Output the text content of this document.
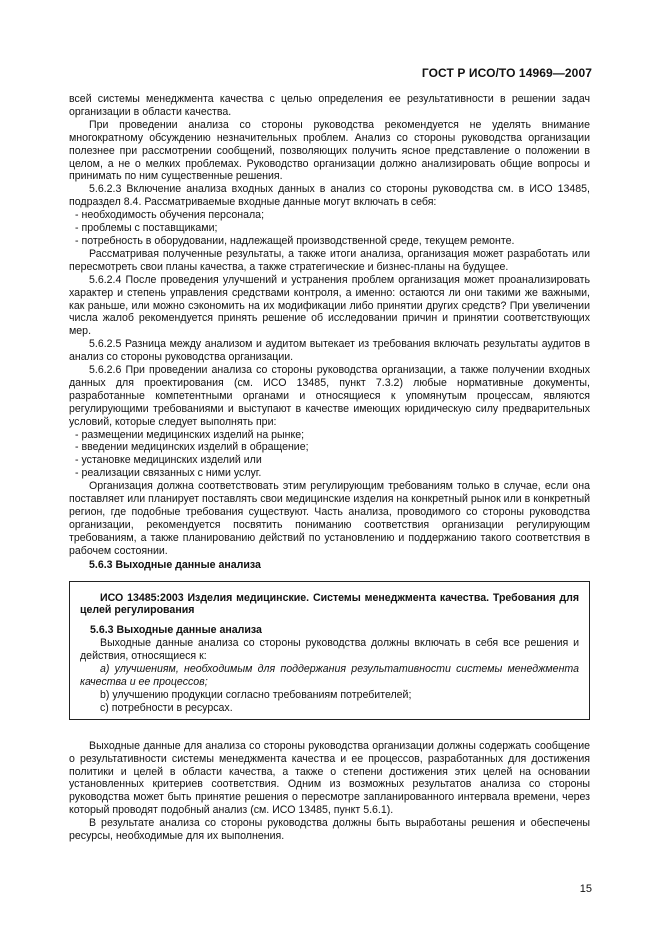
ГОСТ Р ИСО/ТО 14969—2007

всей системы менеджмента качества с целью определения ее результативности в решении задач организации в области качества.

При проведении анализа со стороны руководства рекомендуется не уделять внимание многократному обсуждению незначительных проблем. Анализ со стороны руководства организации полезнее при рассмотрении сообщений, позволяющих получить ясное представление о положении в целом, а не о мелких проблемах. Руководство организации должно анализировать общие вопросы и принимать по ним существенные решения.

5.6.2.3 Включение анализа входных данных в анализ со стороны руководства см. в ИСО 13485, подраздел 8.4. Рассматриваемые входные данные могут включать в себя:

- необходимость обучения персонала;

- проблемы с поставщиками;

- потребность в оборудовании, надлежащей производственной среде, текущем ремонте.

Рассматривая полученные результаты, а также итоги анализа, организация может разработать или пересмотреть свои планы качества, а также стратегические и бизнес-планы на будущее.

5.6.2.4 После проведения улучшений и устранения проблем организация может проанализировать характер и степень управления средствами контроля, а именно: остаются ли они такими же важными, как раньше, или можно сэкономить на их модификации либо принятии других средств? При увеличении числа жалоб рекомендуется принять решение об исследовании причин и принятии соответствующих мер.

5.6.2.5 Разница между анализом и аудитом вытекает из требования включать результаты аудитов в анализ со стороны руководства организации.

5.6.2.6 При проведении анализа со стороны руководства организации, а также получении входных данных для проектирования (см. ИСО 13485, пункт 7.3.2) любые нормативные документы, разработанные компетентными органами и относящиеся к упомянутым процессам, являются регулирующими требованиями и выступают в качестве имеющих юридическую силу предварительных условий, которые следует выполнять при:

- размещении медицинских изделий на рынке;

- введении медицинских изделий в обращение;

- установке медицинских изделий или

- реализации связанных с ними услуг.

Организация должна соответствовать этим регулирующим требованиям только в случае, если она поставляет или планирует поставлять свои медицинские изделия на конкретный рынок или в конкретный регион, где подобные требования существуют. Часть анализа, проводимого со стороны руководства организации, рекомендуется посвятить пониманию соответствия организации регулирующим требованиям, а также планированию действий по установлению и поддержанию такого соответствия в рабочем состоянии.

5.6.3 Выходные данные анализа

ИСО 13485:2003 Изделия медицинские. Системы менеджмента качества. Требования для целей регулирования

5.6.3 Выходные данные анализа

Выходные данные анализа со стороны руководства должны включать в себя все решения и действия, относящиеся к:

a) улучшениям, необходимым для поддержания результативности системы менеджмента качества и ее процессов;

b) улучшению продукции согласно требованиям потребителей;

c) потребности в ресурсах.

Выходные данные для анализа со стороны руководства организации должны содержать сообщение о результативности системы менеджмента качества и ее процессов, разработанных для достижения политики и целей в области качества, а также о степени достижения этих целей на основании установленных критериев соответствия. Одним из возможных результатов анализа со стороны руководства может быть принятие решения о пересмотре запланированного интервала времени, через который проводят подобный анализ (см. ИСО 13485, пункт 5.6.1).

В результате анализа со стороны руководства должны быть выработаны решения и обеспечены ресурсы, необходимые для их выполнения.

15
